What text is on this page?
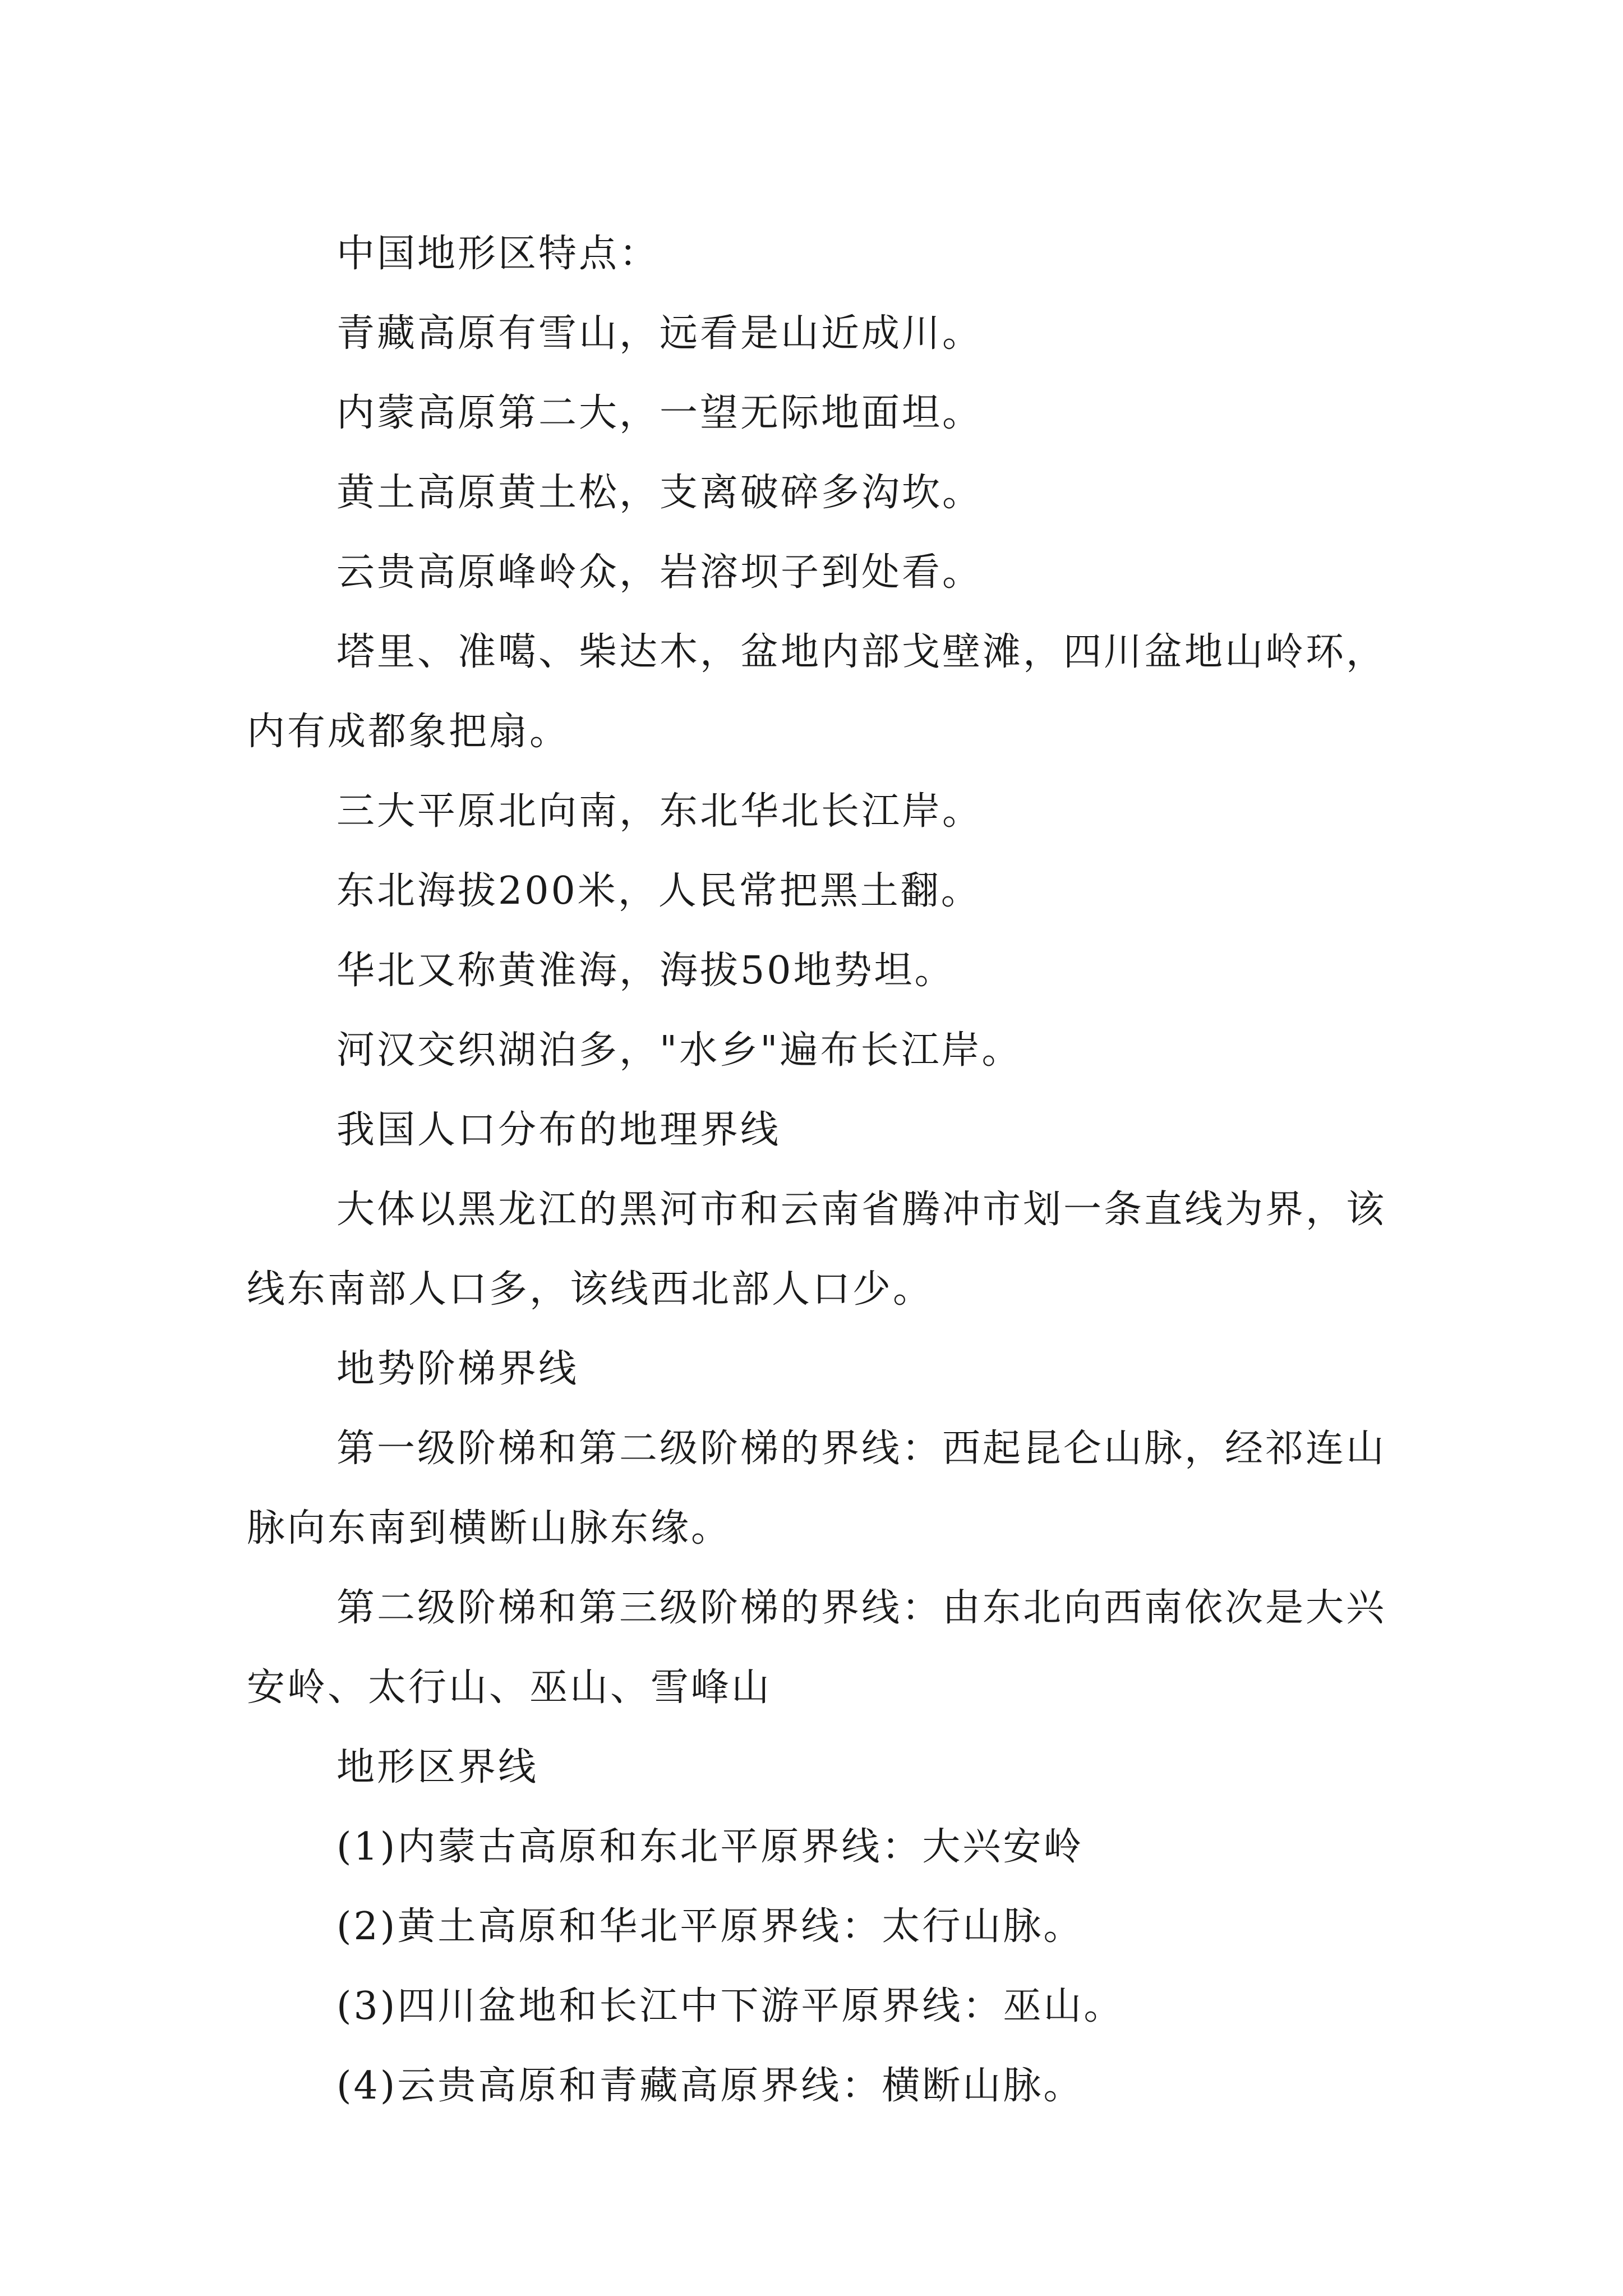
中国地形区特点：

青藏高原有雪山，远看是山近成川。

内蒙高原第二大，一望无际地面坦。

黄土高原黄土松，支离破碎多沟坎。

云贵高原峰岭众，岩溶坝子到处看。

塔里、准噶、柴达木，盆地内部戈壁滩，四川盆地山岭环，内有成都象把扇。

三大平原北向南，东北华北长江岸。

东北海拔200米，人民常把黑土翻。

华北又称黄淮海，海拔50地势坦。

河汉交织湖泊多，"水乡"遍布长江岸。

我国人口分布的地理界线

大体以黑龙江的黑河市和云南省腾冲市划一条直线为界，该线东南部人口多，该线西北部人口少。

地势阶梯界线

第一级阶梯和第二级阶梯的界线：西起昆仑山脉，经祁连山脉向东南到横断山脉东缘。

第二级阶梯和第三级阶梯的界线：由东北向西南依次是大兴安岭、太行山、巫山、雪峰山

地形区界线

(1)内蒙古高原和东北平原界线：大兴安岭

(2)黄土高原和华北平原界线：太行山脉。

(3)四川盆地和长江中下游平原界线：巫山。

(4)云贵高原和青藏高原界线：横断山脉。
